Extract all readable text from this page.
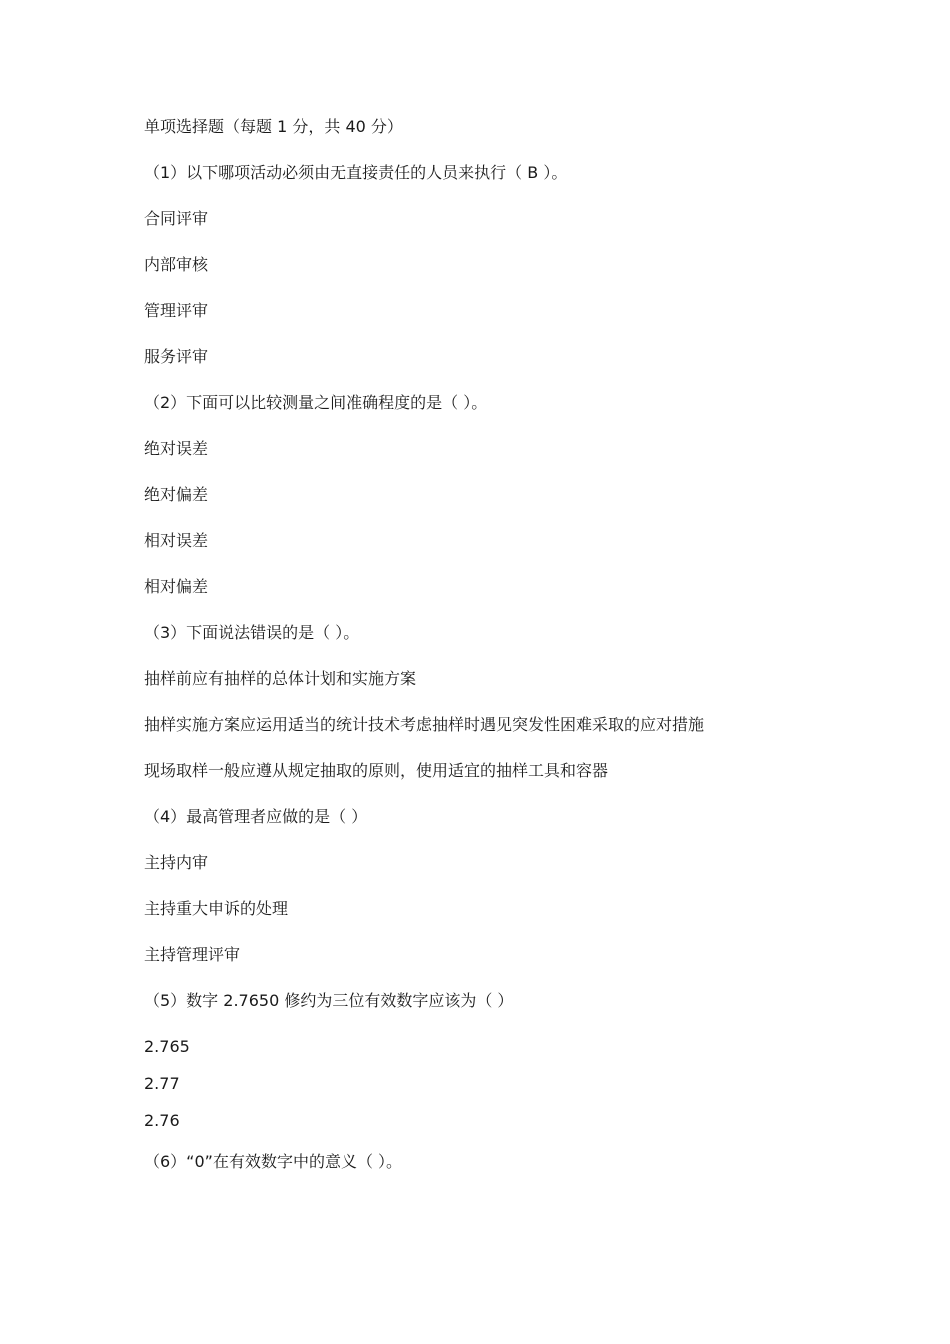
单项选择题（每题 1 分，共 40 分）
（1）以下哪项活动必须由无直接责任的人员来执行（ B ）。
合同评审
内部审核
管理评审
服务评审
（2）下面可以比较测量之间准确程度的是（ ）。
绝对误差
绝对偏差
相对误差
相对偏差
（3）下面说法错误的是（ ）。
抽样前应有抽样的总体计划和实施方案
抽样实施方案应运用适当的统计技术考虑抽样时遇见突发性困难采取的应对措施
现场取样一般应遵从规定抽取的原则，使用适宜的抽样工具和容器
（4）最高管理者应做的是（ ）
主持内审
主持重大申诉的处理
主持管理评审
（5）数字 2.7650 修约为三位有效数字应该为（ ）
2.765
2.77
2.76
（6）“0”在有效数字中的意义（ ）。
